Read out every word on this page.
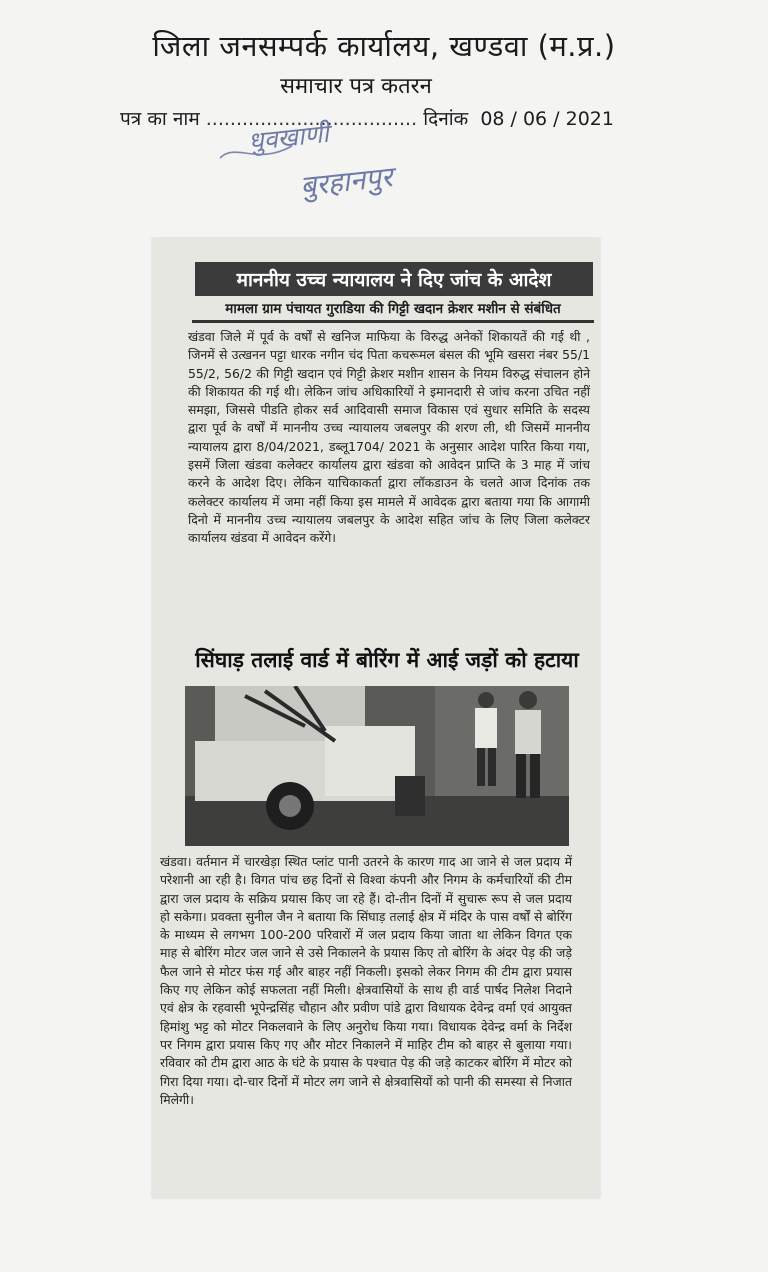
जिला जनसम्पर्क कार्यालय, खण्डवा (म.प्र.)
समाचार पत्र कतरन
पत्र का नाम ................................... दिनांक 08 / 06 / 2021
धुवखाणी
बुरहानपुर
माननीय उच्च न्यायालय ने दिए जांच के आदेश
मामला ग्राम पंचायत गुराडिया की गिट्टी खदान क्रेशर मशीन से संबंधित
खंडवा जिले में पूर्व के वर्षों से खनिज माफिया के विरुद्ध अनेकों शिकायतें की गई थी , जिनमें से उत्खनन पट्टा धारक नगीन चंद पिता कचरूमल बंसल की भूमि खसरा नंबर 55/1 55/2, 56/2 की गिट्टी खदान एवं गिट्टी क्रेशर मशीन शासन के नियम विरुद्ध संचालन होने की शिकायत की गई थी। लेकिन जांच अधिकारियों ने इमानदारी से जांच करना उचित नहीं समझा, जिससे पीडति होकर सर्व आदिवासी समाज विकास एवं सुधार समिति के सदस्य द्वारा पूर्व के वर्षों में माननीय उच्च न्यायालय जबलपुर की शरण ली, थी जिसमें माननीय न्यायालय द्वारा 8/04/2021, डब्लू1704/ 2021 के अनुसार आदेश पारित किया गया, इसमें जिला खंडवा कलेक्टर कार्यालय द्वारा खंडवा को आवेदन प्राप्ति के 3 माह में जांच करने के आदेश दिए। लेकिन याचिकाकर्ता द्वारा लॉकडाउन के चलते आज दिनांक तक कलेक्टर कार्यालय में जमा नहीं किया इस मामले में आवेदक द्वारा बताया गया कि आगामी दिनो में माननीय उच्च न्यायालय जबलपुर के आदेश सहित जांच के लिए जिला कलेक्टर कार्यालय खंडवा में आवेदन करेंगे।
सिंघाड़ तलाई वार्ड में बोरिंग में आई जड़ों को हटाया
खंडवा। वर्तमान में चारखेड़ा स्थित प्लांट पानी उतरने के कारण गाद आ जाने से जल प्रदाय में परेशानी आ रही है। विगत पांच छह दिनों से विश्वा कंपनी और निगम के कर्मचारियों की टीम द्वारा जल प्रदाय के सक्रिय प्रयास किए जा रहे हैं। दो-तीन दिनों में सुचारू रूप से जल प्रदाय हो सकेगा। प्रवक्ता सुनील जैन ने बताया कि सिंघाड़ तलाई क्षेत्र में मंदिर के पास वर्षों से बोरिंग के माध्यम से लगभग 100-200 परिवारों में जल प्रदाय किया जाता था लेकिन विगत एक माह से बोरिंग मोटर जल जाने से उसे निकालने के प्रयास किए तो बोरिंग के अंदर पेड़ की जड़े फैल जाने से मोटर फंस गई और बाहर नहीं निकली। इसको लेकर निगम की टीम द्वारा प्रयास किए गए लेकिन कोई सफलता नहीं मिली। क्षेत्रवासियों के साथ ही वार्ड पार्षद निलेश निदाने एवं क्षेत्र के रहवासी भूपेन्द्रसिंह चौहान और प्रवीण पांडे द्वारा विधायक देवेन्द्र वर्मा एवं आयुक्त हिमांशु भट्ट को मोटर निकलवाने के लिए अनुरोध किया गया। विधायक देवेन्द्र वर्मा के निर्देश पर निगम द्वारा प्रयास किए गए और मोटर निकालने में माहिर टीम को बाहर से बुलाया गया। रविवार को टीम द्वारा आठ के घंटे के प्रयास के पश्चात पेड़ की जड़े काटकर बोरिंग में मोटर को गिरा दिया गया। दो-चार दिनों में मोटर लग जाने से क्षेत्रवासियों को पानी की समस्या से निजात मिलेगी।
